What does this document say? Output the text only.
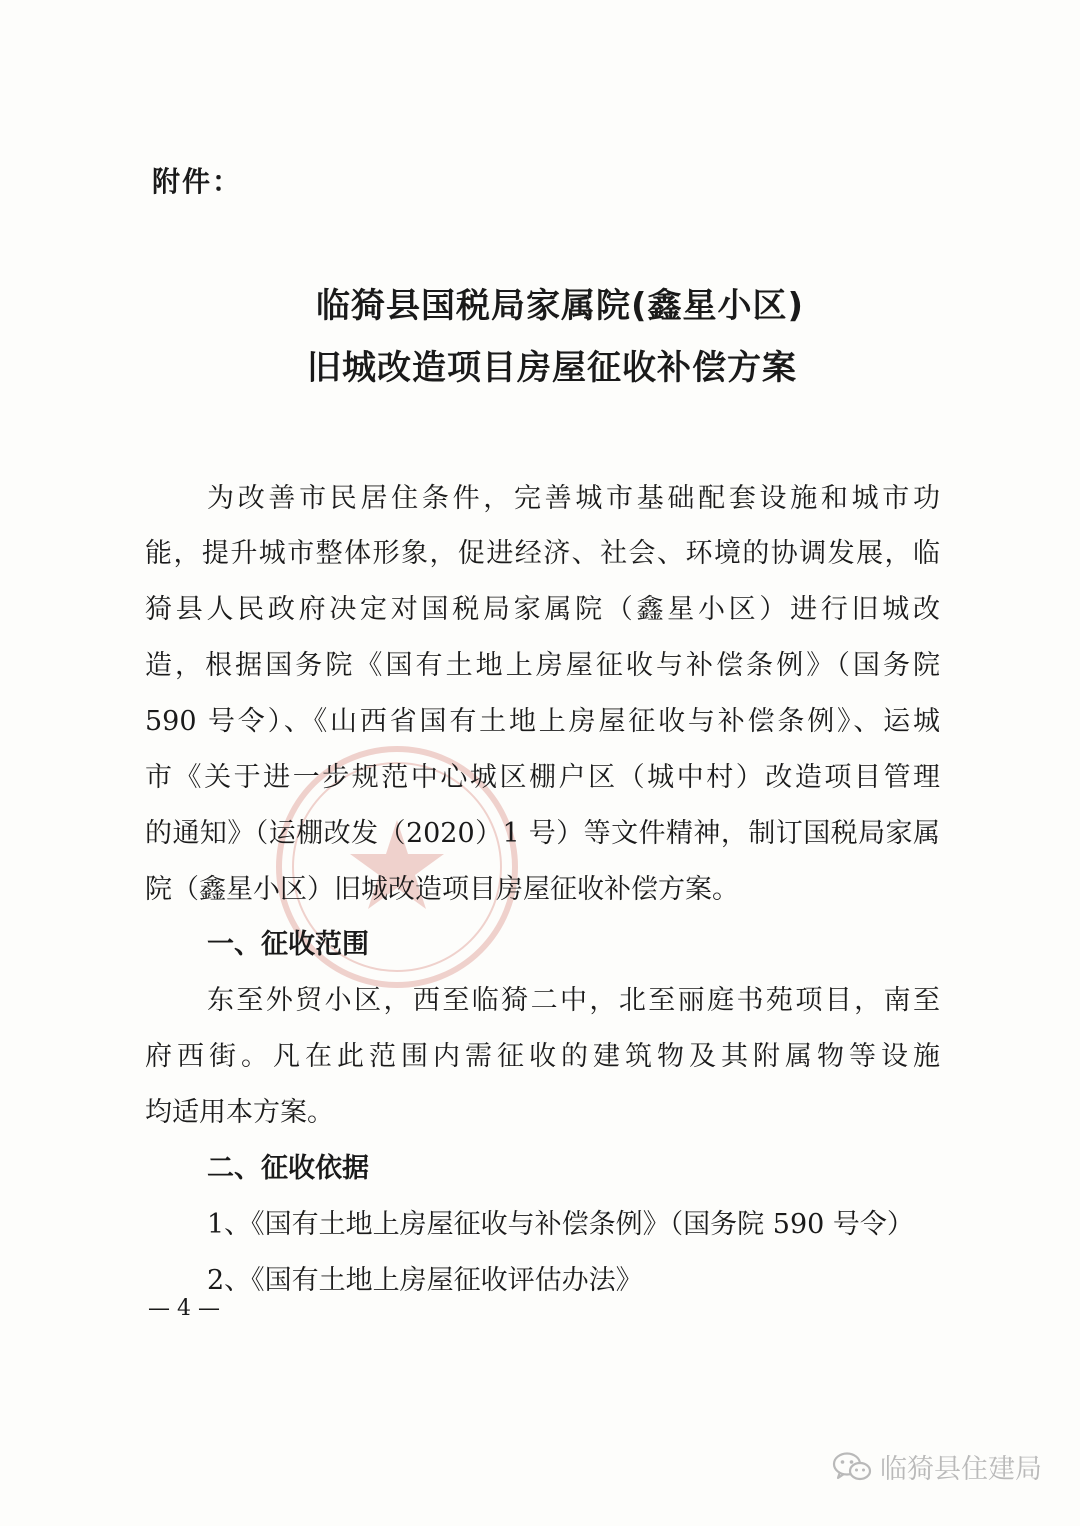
附件：
临猗县国税局家属院(鑫星小区)
旧城改造项目房屋征收补偿方案
为改善市民居住条件，完善城市基础配套设施和城市功
能，提升城市整体形象，促进经济、社会、环境的协调发展，临
猗县人民政府决定对国税局家属院（鑫星小区）进行旧城改
造，根据国务院《国有土地上房屋征收与补偿条例》（国务院
590 号令）、《山西省国有土地上房屋征收与补偿条例》、运城
市《关于进一步规范中心城区棚户区（城中村）改造项目管理
的通知》（运棚改发（2020）1 号）等文件精神，制订国税局家属
院（鑫星小区）旧城改造项目房屋征收补偿方案。
一、征收范围
东至外贸小区，西至临猗二中，北至丽庭书苑项目，南至
府西街。凡在此范围内需征收的建筑物及其附属物等设施
均适用本方案。
二、征收依据
1、《国有土地上房屋征收与补偿条例》（国务院 590 号令）
2、《国有土地上房屋征收评估办法》
— 4 —
临猗县住建局
